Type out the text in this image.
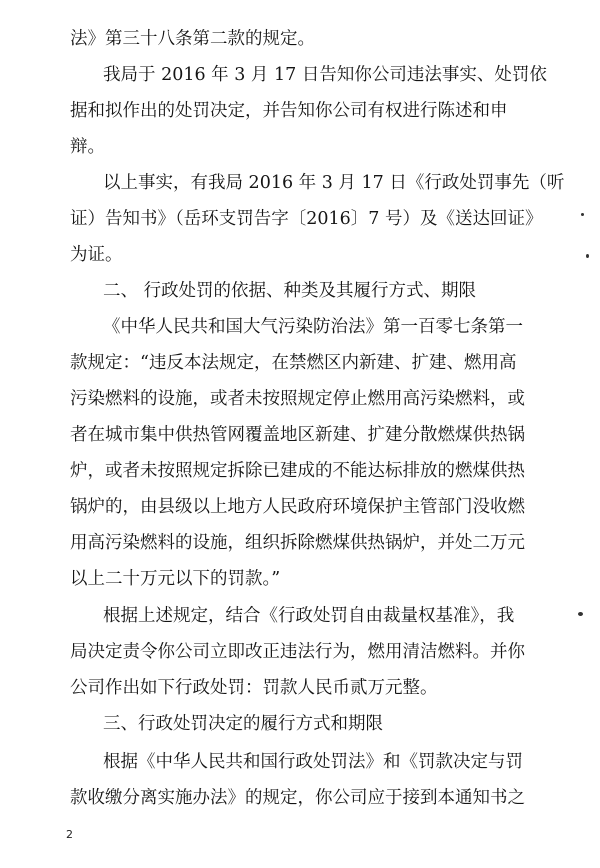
法》第三十八条第二款的规定。

我局于 2016 年 3 月 17 日告知你公司违法事实、处罚依

据和拟作出的处罚决定，并告知你公司有权进行陈述和申

辩。

以上事实，有我局 2016 年 3 月 17 日《行政处罚事先（听

证）告知书》（岳环支罚告字〔2016〕7 号）及《送达回证》

为证。

二、 行政处罚的依据、种类及其履行方式、期限

《中华人民共和国大气污染防治法》第一百零七条第一

款规定：“违反本法规定，在禁燃区内新建、扩建、燃用高

污染燃料的设施，或者未按照规定停止燃用高污染燃料，或

者在城市集中供热管网覆盖地区新建、扩建分散燃煤供热锅

炉，或者未按照规定拆除已建成的不能达标排放的燃煤供热

锅炉的，由县级以上地方人民政府环境保护主管部门没收燃

用高污染燃料的设施，组织拆除燃煤供热锅炉，并处二万元

以上二十万元以下的罚款。”

根据上述规定，结合《行政处罚自由裁量权基准》，我

局决定责令你公司立即改正违法行为，燃用清洁燃料。并你

公司作出如下行政处罚：罚款人民币贰万元整。

三、行政处罚决定的履行方式和期限

2

根据《中华人民共和国行政处罚法》和《罚款决定与罚

款收缴分离实施办法》的规定，你公司应于接到本通知书之
